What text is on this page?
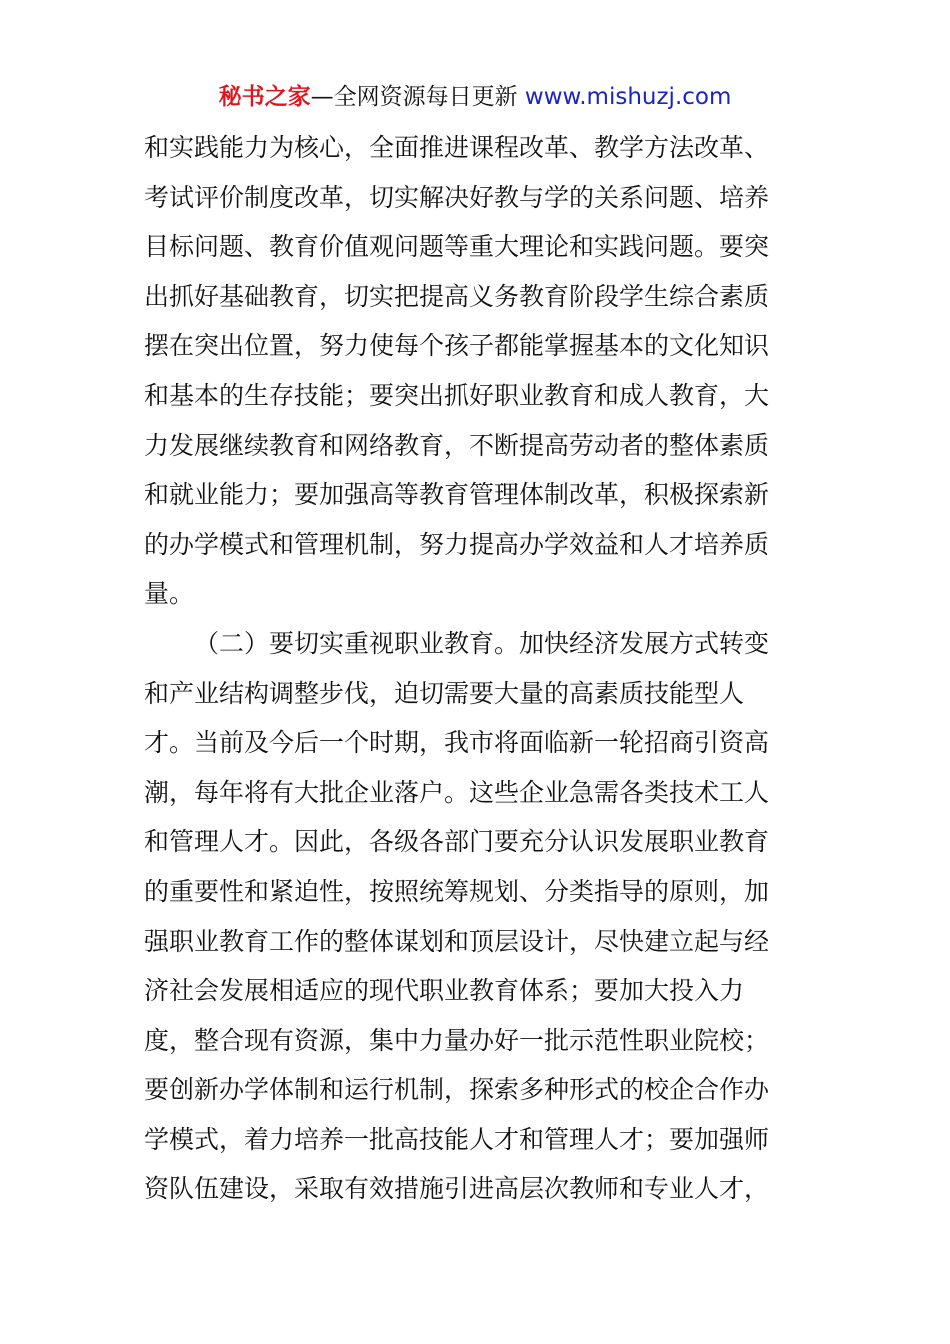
秘书之家—全网资源每日更新 www.mishuzj.com
和实践能力为核心，全面推进课程改革、教学方法改革、
考试评价制度改革，切实解决好教与学的关系问题、培养
目标问题、教育价值观问题等重大理论和实践问题。要突
出抓好基础教育，切实把提高义务教育阶段学生综合素质
摆在突出位置，努力使每个孩子都能掌握基本的文化知识
和基本的生存技能；要突出抓好职业教育和成人教育，大
力发展继续教育和网络教育，不断提高劳动者的整体素质
和就业能力；要加强高等教育管理体制改革，积极探索新
的办学模式和管理机制，努力提高办学效益和人才培养质
量。
（二）要切实重视职业教育。加快经济发展方式转变
和产业结构调整步伐，迫切需要大量的高素质技能型人
才。当前及今后一个时期，我市将面临新一轮招商引资高
潮，每年将有大批企业落户。这些企业急需各类技术工人
和管理人才。因此，各级各部门要充分认识发展职业教育
的重要性和紧迫性，按照统筹规划、分类指导的原则，加
强职业教育工作的整体谋划和顶层设计，尽快建立起与经
济社会发展相适应的现代职业教育体系；要加大投入力
度，整合现有资源，集中力量办好一批示范性职业院校；
要创新办学体制和运行机制，探索多种形式的校企合作办
学模式，着力培养一批高技能人才和管理人才；要加强师
资队伍建设，采取有效措施引进高层次教师和专业人才，
